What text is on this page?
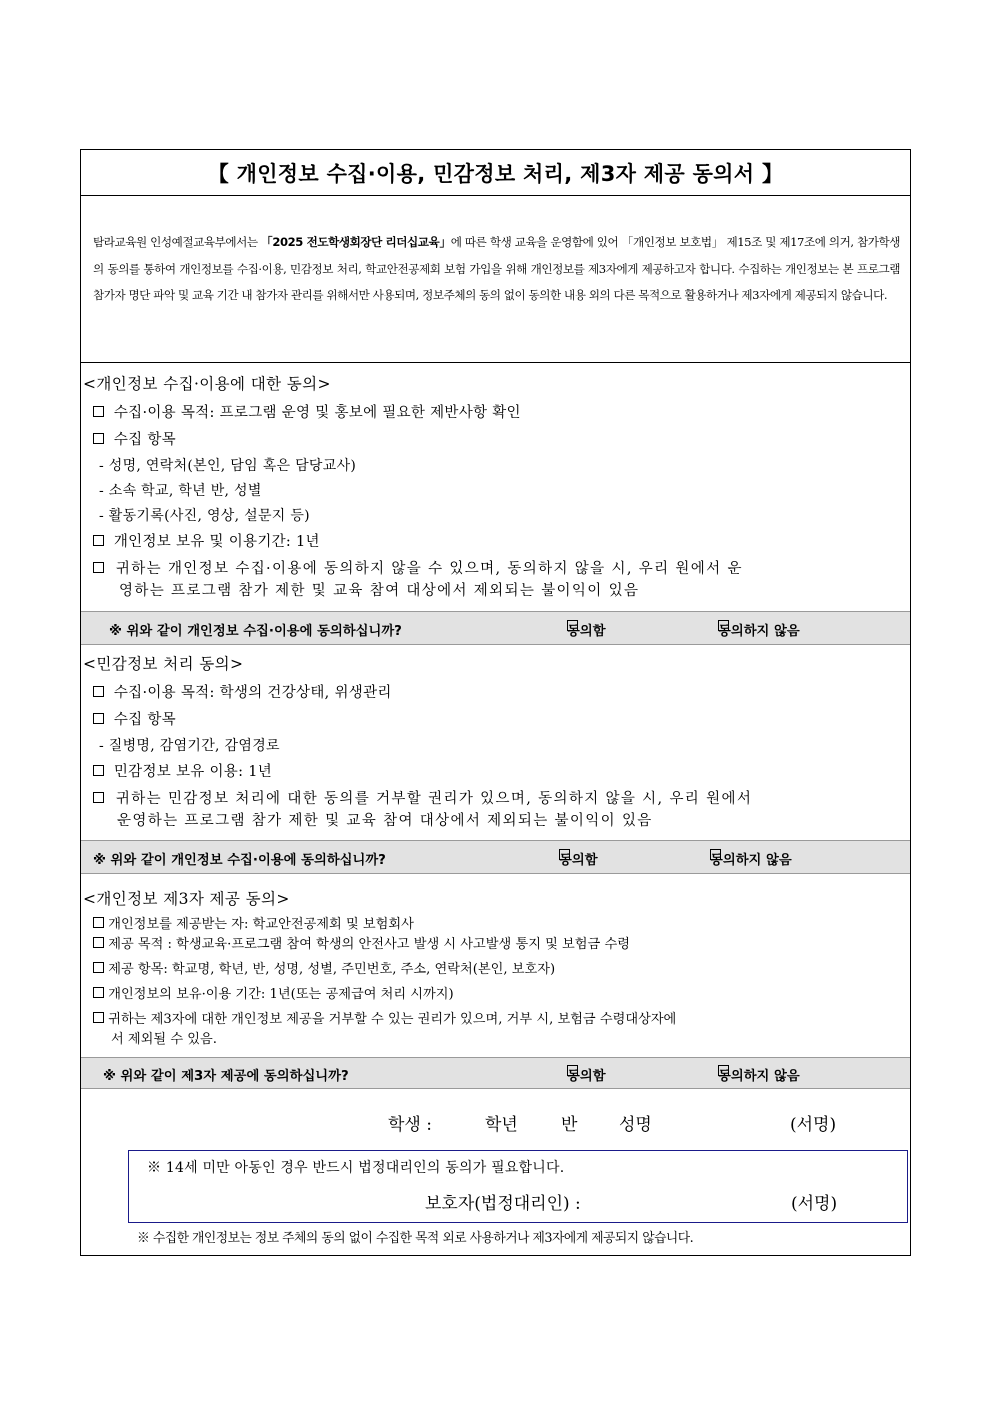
【 개인정보 수집·이용, 민감정보 처리, 제3자 제공 동의서 】
탐라교육원 인성예절교육부에서는 「2025 전도학생회장단 리더십교육」에 따른 학생 교육을 운영함에 있어 「개인정보 보호법」 제15조 및 제17조에 의거, 참가학생의 동의를 통하여 개인정보를 수집·이용, 민감정보 처리, 학교안전공제회 보험 가입을 위해 개인정보를 제3자에게 제공하고자 합니다. 수집하는 개인정보는 본 프로그램 참가자 명단 파악 및 교육 기간 내 참가자 관리를 위해서만 사용되며, 정보주체의 동의 없이 동의한 내용 외의 다른 목적으로 활용하거나 제3자에게 제공되지 않습니다.
<개인정보 수집·이용에 대한 동의>
수집·이용 목적: 프로그램 운영 및 홍보에 필요한 제반사항 확인
수집 항목
- 성명, 연락처(본인, 담임 혹은 담당교사)
- 소속 학교, 학년 반, 성별
- 활동기록(사진, 영상, 설문지 등)
개인정보 보유 및 이용기간: 1년
귀하는 개인정보 수집·이용에 동의하지 않을 수 있으며, 동의하지 않을 시, 우리 원에서 운
영하는 프로그램 참가 제한 및 교육 참여 대상에서 제외되는 불이익이 있음
※ 위와 같이 개인정보 수집·이용에 동의하십니까?	동의함	동의하지 않음
<민감정보 처리 동의>
수집·이용 목적: 학생의 건강상태, 위생관리
수집 항목
- 질병명, 감염기간, 감염경로
민감정보 보유 이용: 1년
귀하는 민감정보 처리에 대한 동의를 거부할 권리가 있으며, 동의하지 않을 시, 우리 원에서
운영하는 프로그램 참가 제한 및 교육 참여 대상에서 제외되는 불이익이 있음
※ 위와 같이 개인정보 수집·이용에 동의하십니까?	동의함	동의하지 않음
<개인정보 제3자 제공 동의>
개인정보를 제공받는 자: 학교안전공제회 및 보험회사
제공 목적 : 학생교육·프로그램 참여 학생의 안전사고 발생 시 사고발생 통지 및 보험금 수령
제공 항목: 학교명, 학년, 반, 성명, 성별, 주민번호, 주소, 연락처(본인, 보호자)
개인정보의 보유·이용 기간: 1년(또는 공제급여 처리 시까지)
귀하는 제3자에 대한 개인정보 제공을 거부할 수 있는 권리가 있으며, 거부 시, 보험금 수령대상자에
서 제외될 수 있음.
※ 위와 같이 제3자 제공에 동의하십니까?	동의함	동의하지 않음
학생 :	학년	반 성명	(서명)
※ 14세 미만 아동인 경우 반드시 법정대리인의 동의가 필요합니다.
보호자(법정대리인) :	(서명)
※ 수집한 개인정보는 정보 주체의 동의 없이 수집한 목적 외로 사용하거나 제3자에게 제공되지 않습니다.
